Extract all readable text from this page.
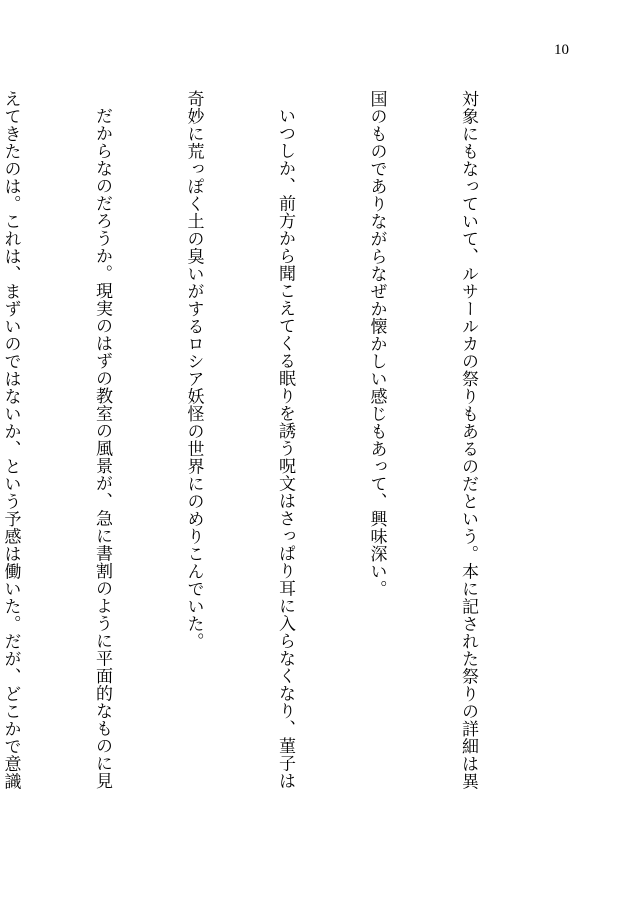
10

対象にもなっていて、ルサールカの祭りもあるのだという。本に記された祭りの詳細は異

国のものでありながらなぜか懐かしい感じもあって、興味深い。

いつしか、前方から聞こえてくる眠りを誘う呪文はさっぱり耳に入らなくなり、菫子は

奇妙に荒っぽく土の臭いがするロシア妖怪の世界にのめりこんでいた。

だからなのだろうか。現実のはずの教室の風景が、急に書割のように平面的なものに見

えてきたのは。これは、まずいのではないか、という予感は働いた。だが、どこかで意識
